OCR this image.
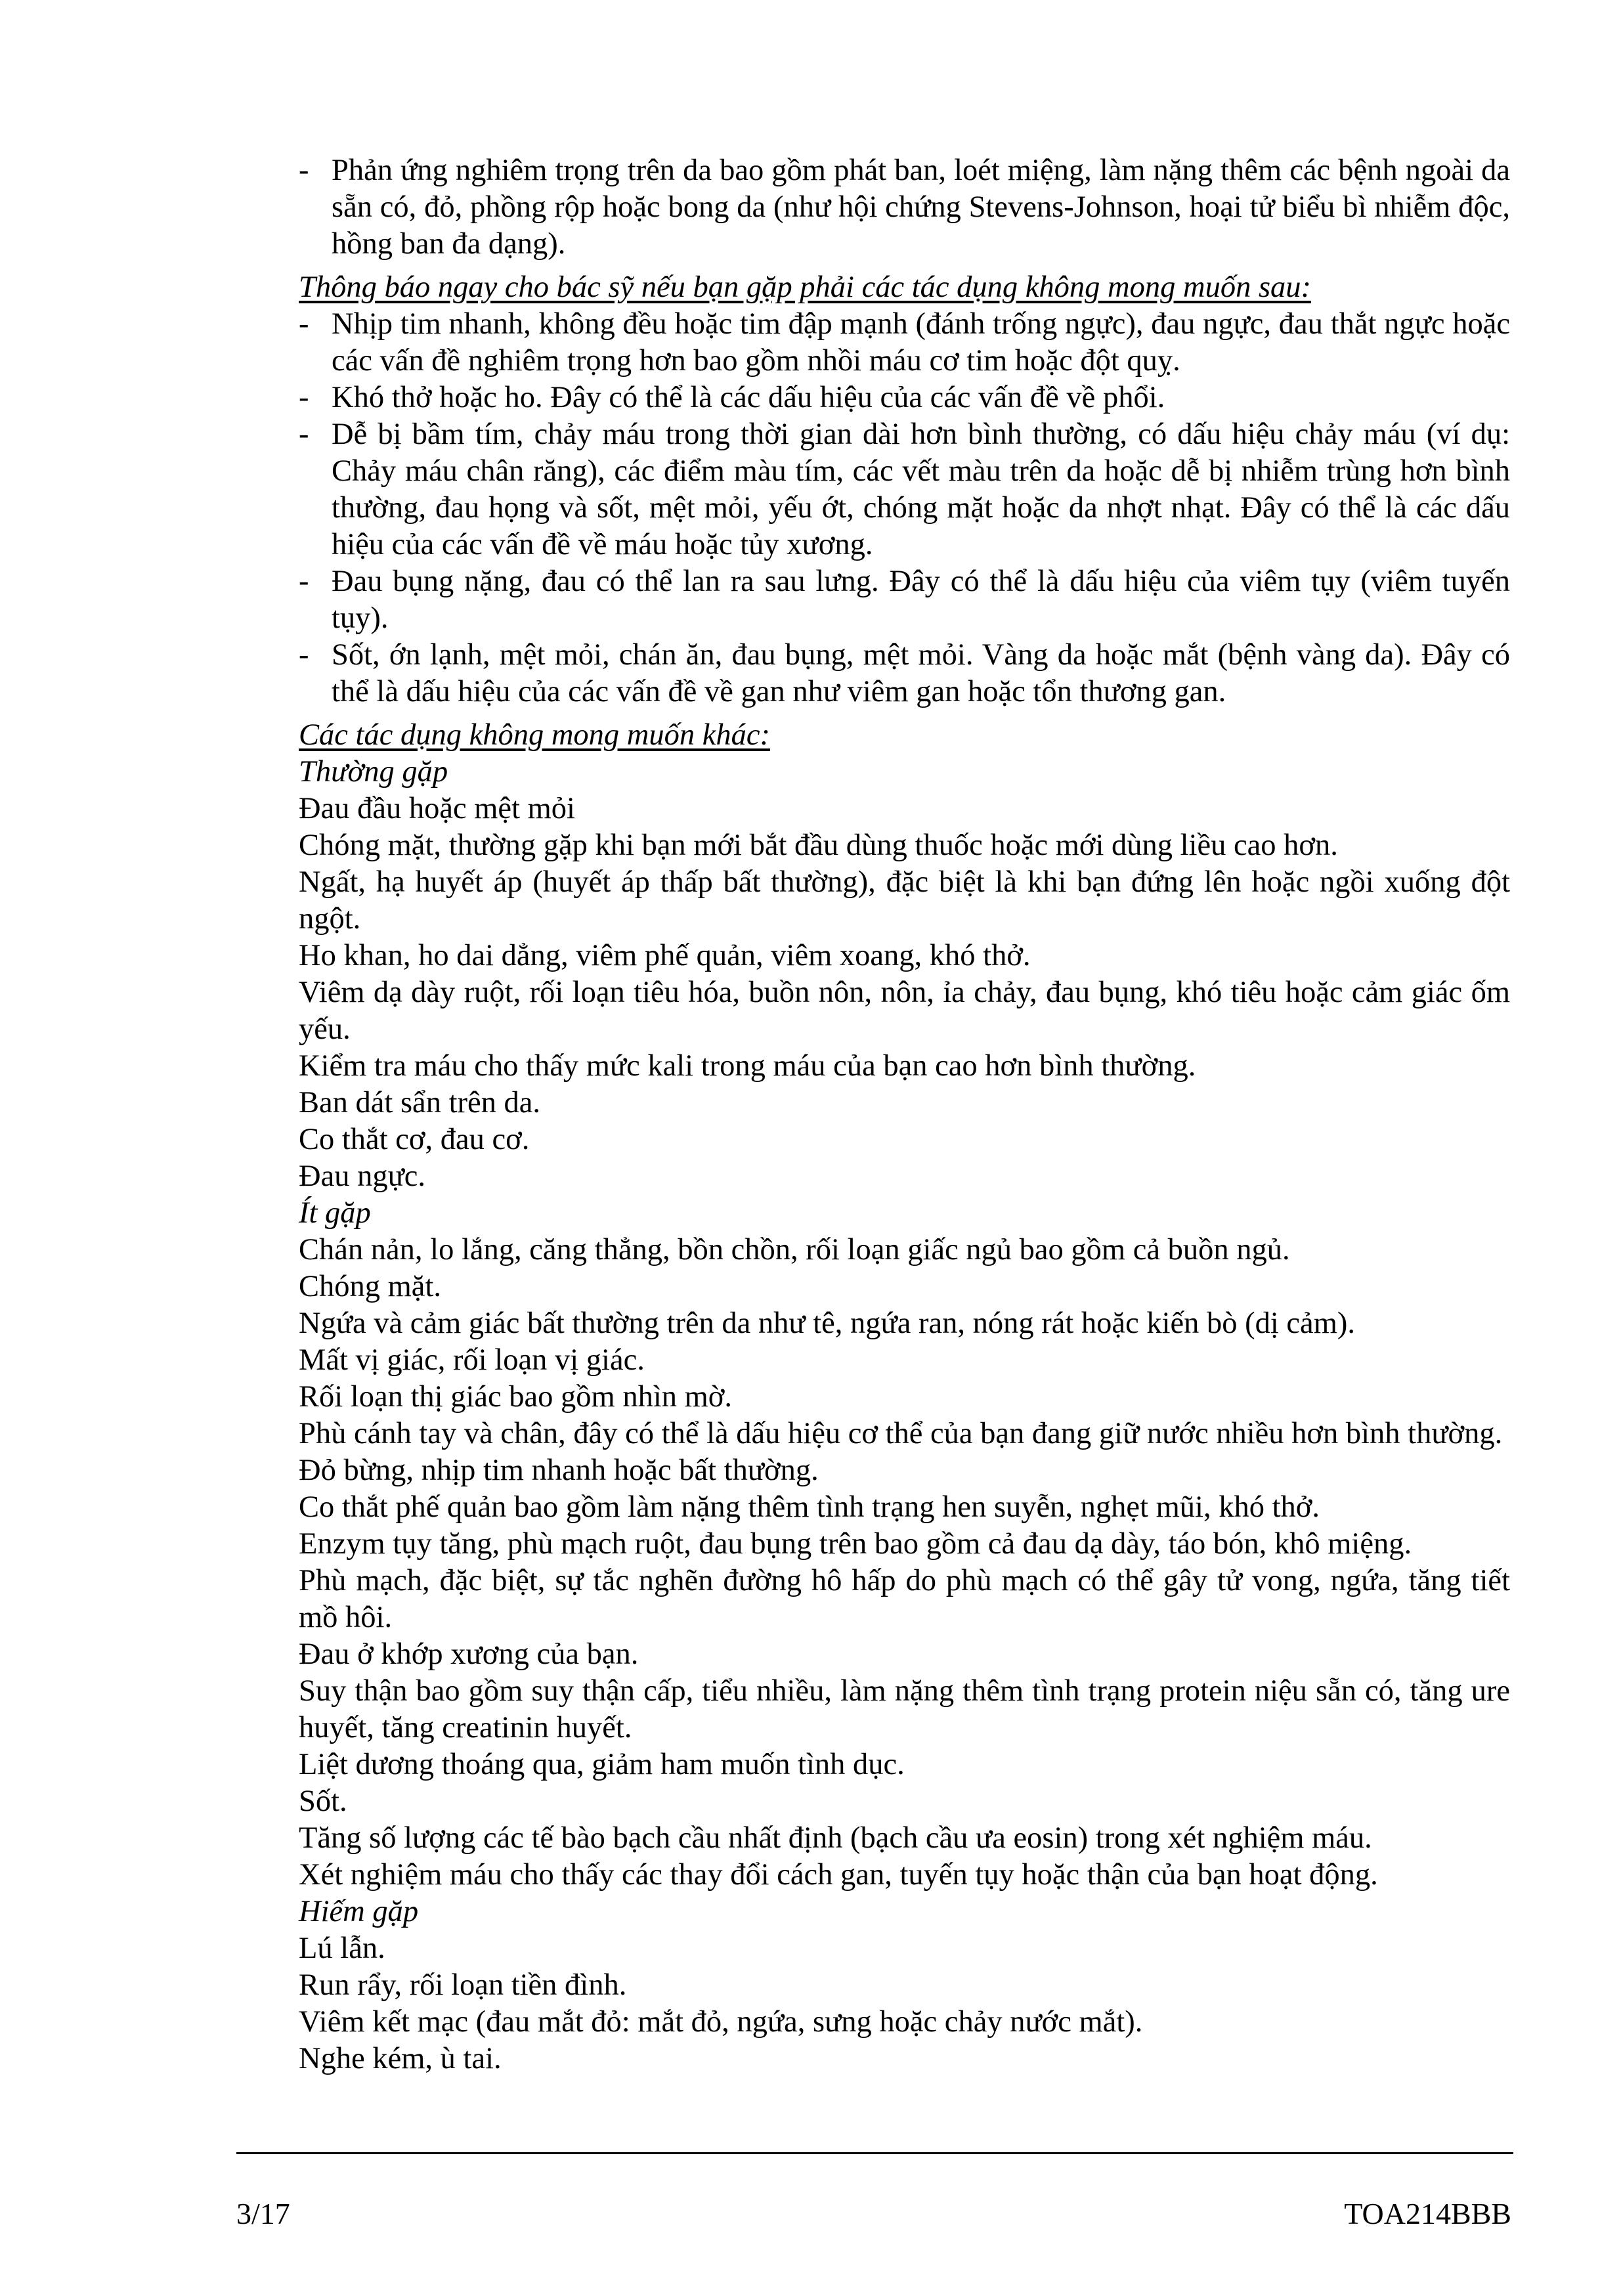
- Phản ứng nghiêm trọng trên da bao gồm phát ban, loét miệng, làm nặng thêm các bệnh ngoài da sẵn có, đỏ, phồng rộp hoặc bong da (như hội chứng Stevens-Johnson, hoại tử biểu bì nhiễm độc, hồng ban đa dạng).
Thông báo ngay cho bác sỹ nếu bạn gặp phải các tác dụng không mong muốn sau:
- Nhịp tim nhanh, không đều hoặc tim đập mạnh (đánh trống ngực), đau ngực, đau thắt ngực hoặc các vấn đề nghiêm trọng hơn bao gồm nhồi máu cơ tim hoặc đột quỵ.
- Khó thở hoặc ho. Đây có thể là các dấu hiệu của các vấn đề về phổi.
- Dễ bị bầm tím, chảy máu trong thời gian dài hơn bình thường, có dấu hiệu chảy máu (ví dụ: Chảy máu chân răng), các điểm màu tím, các vết màu trên da hoặc dễ bị nhiễm trùng hơn bình thường, đau họng và sốt, mệt mỏi, yếu ớt, chóng mặt hoặc da nhợt nhạt. Đây có thể là các dấu hiệu của các vấn đề về máu hoặc tủy xương.
- Đau bụng nặng, đau có thể lan ra sau lưng. Đây có thể là dấu hiệu của viêm tụy (viêm tuyến tụy).
- Sốt, ớn lạnh, mệt mỏi, chán ăn, đau bụng, mệt mỏi. Vàng da hoặc mắt (bệnh vàng da). Đây có thể là dấu hiệu của các vấn đề về gan như viêm gan hoặc tổn thương gan.
Các tác dụng không mong muốn khác:
Thường gặp
Đau đầu hoặc mệt mỏi
Chóng mặt, thường gặp khi bạn mới bắt đầu dùng thuốc hoặc mới dùng liều cao hơn.
Ngất, hạ huyết áp (huyết áp thấp bất thường), đặc biệt là khi bạn đứng lên hoặc ngồi xuống đột ngột.
Ho khan, ho dai dẳng, viêm phế quản, viêm xoang, khó thở.
Viêm dạ dày ruột, rối loạn tiêu hóa, buồn nôn, nôn, ỉa chảy, đau bụng, khó tiêu hoặc cảm giác ốm yếu.
Kiểm tra máu cho thấy mức kali trong máu của bạn cao hơn bình thường.
Ban dát sẩn trên da.
Co thắt cơ, đau cơ.
Đau ngực.
Ít gặp
Chán nản, lo lắng, căng thẳng, bồn chồn, rối loạn giấc ngủ bao gồm cả buồn ngủ.
Chóng mặt.
Ngứa và cảm giác bất thường trên da như tê, ngứa ran, nóng rát hoặc kiến bò (dị cảm).
Mất vị giác, rối loạn vị giác.
Rối loạn thị giác bao gồm nhìn mờ.
Phù cánh tay và chân, đây có thể là dấu hiệu cơ thể của bạn đang giữ nước nhiều hơn bình thường.
Đỏ bừng, nhịp tim nhanh hoặc bất thường.
Co thắt phế quản bao gồm làm nặng thêm tình trạng hen suyễn, nghẹt mũi, khó thở.
Enzym tụy tăng, phù mạch ruột, đau bụng trên bao gồm cả đau dạ dày, táo bón, khô miệng.
Phù mạch, đặc biệt, sự tắc nghẽn đường hô hấp do phù mạch có thể gây tử vong, ngứa, tăng tiết mồ hôi.
Đau ở khớp xương của bạn.
Suy thận bao gồm suy thận cấp, tiểu nhiều, làm nặng thêm tình trạng protein niệu sẵn có, tăng ure huyết, tăng creatinin huyết.
Liệt dương thoáng qua, giảm ham muốn tình dục.
Sốt.
Tăng số lượng các tế bào bạch cầu nhất định (bạch cầu ưa eosin) trong xét nghiệm máu.
Xét nghiệm máu cho thấy các thay đổi cách gan, tuyến tụy hoặc thận của bạn hoạt động.
Hiếm gặp
Lú lẫn.
Run rẩy, rối loạn tiền đình.
Viêm kết mạc (đau mắt đỏ: mắt đỏ, ngứa, sưng hoặc chảy nước mắt).
Nghe kém, ù tai.
3/17	TOA214BBB
